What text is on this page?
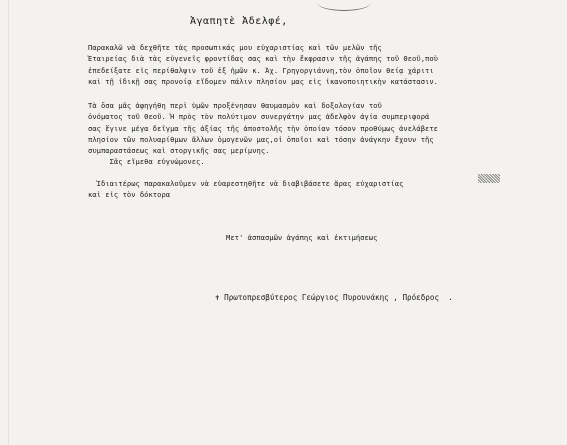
Ἀγαπητὲ Ἀδελφέ,
Παρακαλῶ νὰ δεχθῆτε τὰς προσωπικάς μου εὐχαριστίας καὶ τῶν μελῶν τῆς
Ἑταιρείας διὰ τὰς εὐγενεῖς φροντίδας σας καὶ τὴν ἔκφρασιν τῆς ἀγάπης τοῦ Θεοῦ,ποὺ
ἐπεδείξατε εἰς περίθαλψιν τοῦ ἐξ ἡμῶν κ. Ἀχ. Γρηγοργιάννη,τὸν ὁποῖον θείᾳ χάριτι
καὶ τῇ ἰδικῇ σας προνοίᾳ εἴδομεν πάλιν πλησίον μας εἰς ἱκανοποιητικὴν κατάστασιν.
Τὰ ὅσα μᾶς ἀφηγήθη περὶ ὑμῶν προξένησαν θαυμασμὸν καὶ δοξολογίαν τοῦ
ὀνόματος τοῦ Θεοῦ. Ἡ πρὸς τὸν πολύτιμον συνεργάτην μας ἀδελφὸν ἁγία συμπεριφορά
σας ἔγινε μέγα δεῖγμα τῆς ἀξίας τῆς ἀποστολῆς τὴν ὁποίαν τόσον προθύμως ἀνελάβετε
πλησίον τῶν πολυαρίθμων ἄλλων ὁμογενῶν μας,οἱ ὁποῖοι καὶ τόσην ἀνάγκην ἔχουν τῆς
συμπαραστάσεως καὶ στοργικῆς σας μερίμνης.
Σᾶς εἴμεθα εὐγνώμονες.
Ἰδιαιτέρως παρακαλοῦμεν νὰ εὐαρεστηθῆτε νὰ διαβιβάσετε ἄρας εὐχαριστίας
καὶ εἰς τὸν δόκτορα
Μετ' ἀσπασμῶν ἀγάπης καὶ ἐκτιμήσεως
✝ Πρωτοπρεσβύτερος Γεώργιος Πυρουνάκης , Πρόεδρος  .
